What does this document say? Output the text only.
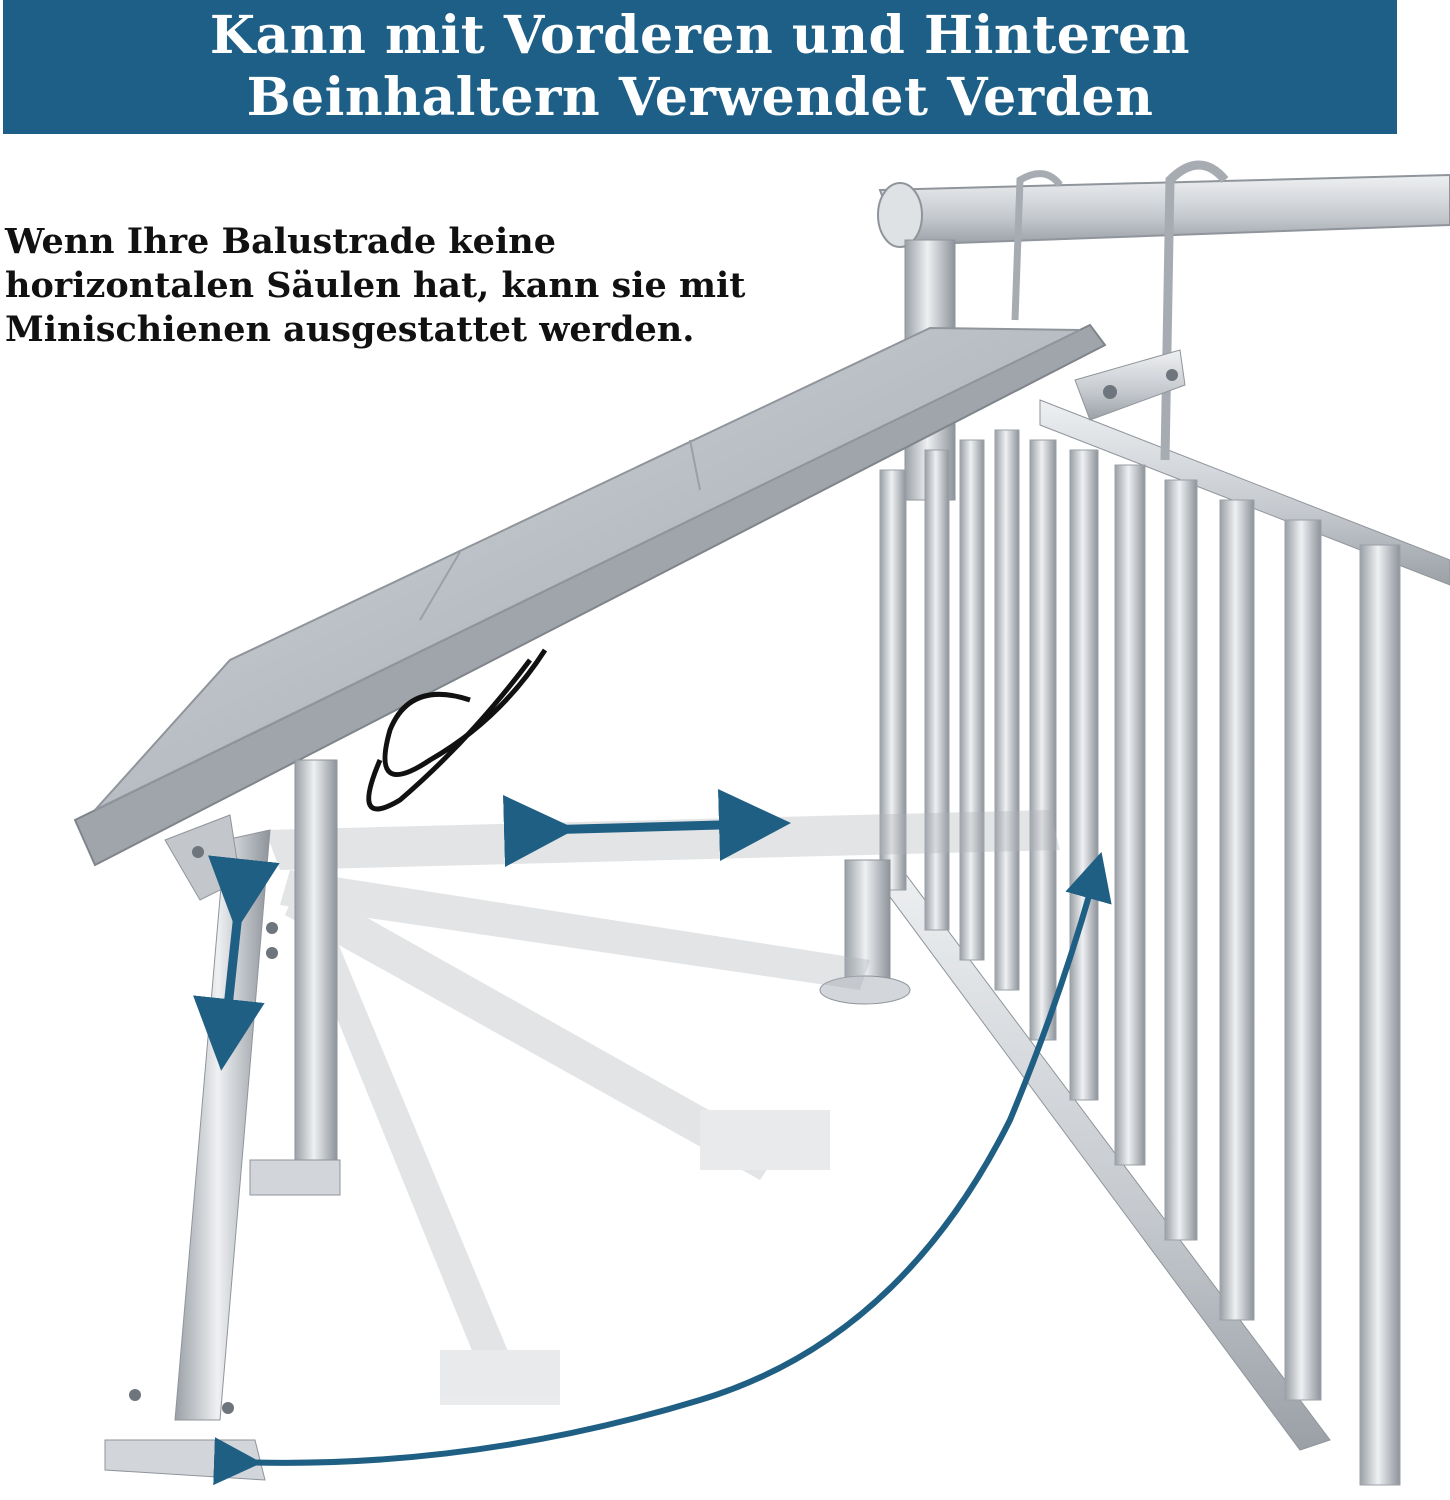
Kann mit Vorderen und Hinteren
Beinhaltern Verwendet Verden
Wenn Ihre Balustrade keine
horizontalen Säulen hat, kann sie mit
Minischienen ausgestattet werden.
